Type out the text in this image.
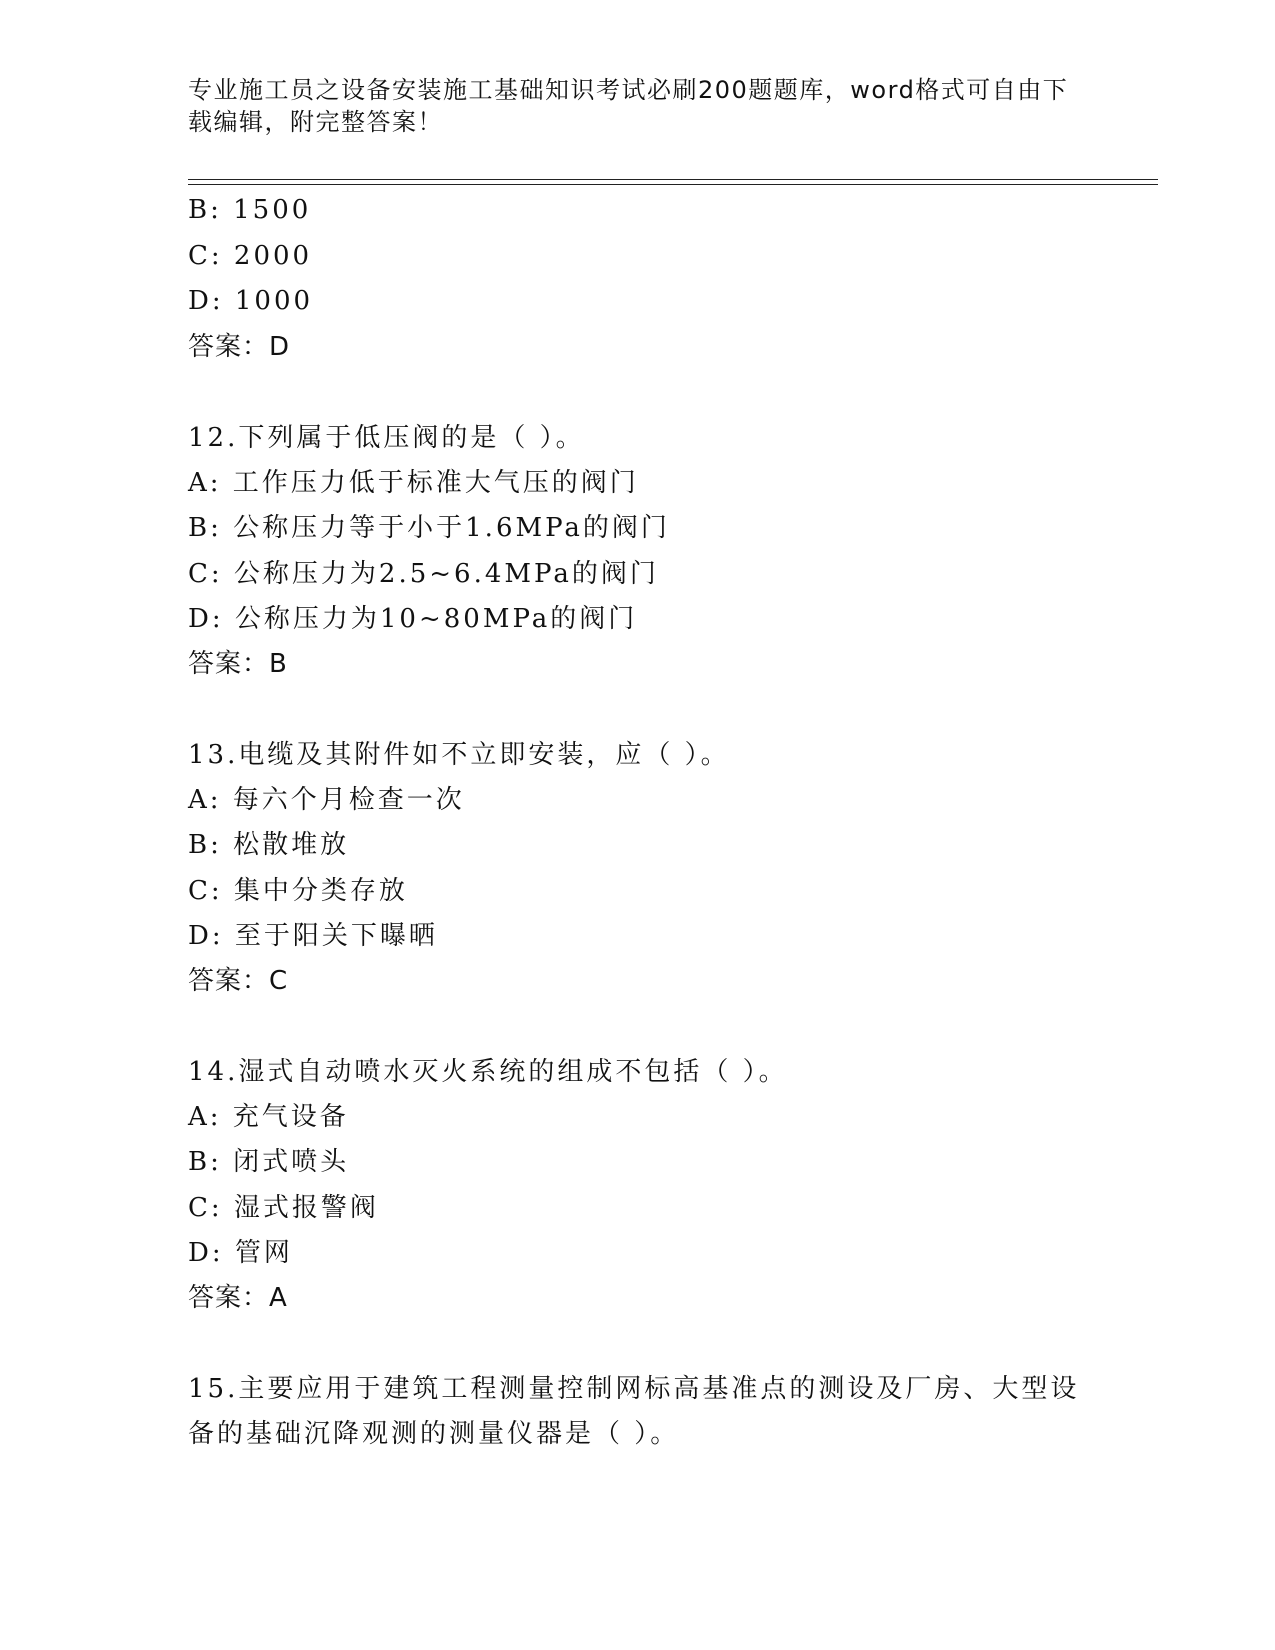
专业施工员之设备安装施工基础知识考试必刷200题题库，word格式可自由下载编辑，附完整答案！
B: 1500
C: 2000
D: 1000
答案：D
12.下列属于低压阀的是（ ）。
A: 工作压力低于标准大气压的阀门
B: 公称压力等于小于1.6MPa的阀门
C: 公称压力为2.5~6.4MPa的阀门
D: 公称压力为10~80MPa的阀门
答案：B
13.电缆及其附件如不立即安装，应（ ）。
A: 每六个月检查一次
B: 松散堆放
C: 集中分类存放
D: 至于阳关下曝晒
答案：C
14.湿式自动喷水灭火系统的组成不包括（ ）。
A: 充气设备
B: 闭式喷头
C: 湿式报警阀
D: 管网
答案：A
15.主要应用于建筑工程测量控制网标高基准点的测设及厂房、大型设备的基础沉降观测的测量仪器是（ ）。
